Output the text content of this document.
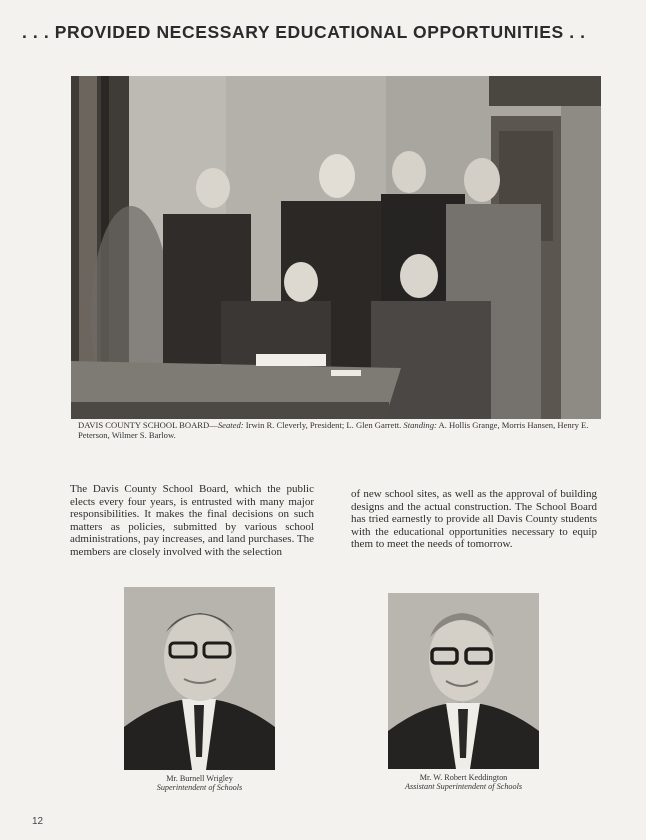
. . . PROVIDED NECESSARY EDUCATIONAL OPPORTUNITIES . .
DAVIS COUNTY SCHOOL BOARD—Seated: Irwin R. Cleverly, President; L. Glen Garrett. Standing: A. Hollis Grange, Morris Hansen, Henry E. Peterson, Wilmer S. Barlow.
The Davis County School Board, which the public elects every four years, is entrusted with many major responsibilities. It makes the final decisions on such matters as policies, submitted by various school administrations, pay increases, and land purchases. The members are closely involved with the selection
of new school sites, as well as the approval of building designs and the actual construction. The School Board has tried earnestly to provide all Davis County students with the educational opportunities necessary to equip them to meet the needs of tomorrow.
Mr. Burnell Wrigley
Superintendent of Schools
Mr. W. Robert Keddington
Assistant Superintendent of Schools
12
